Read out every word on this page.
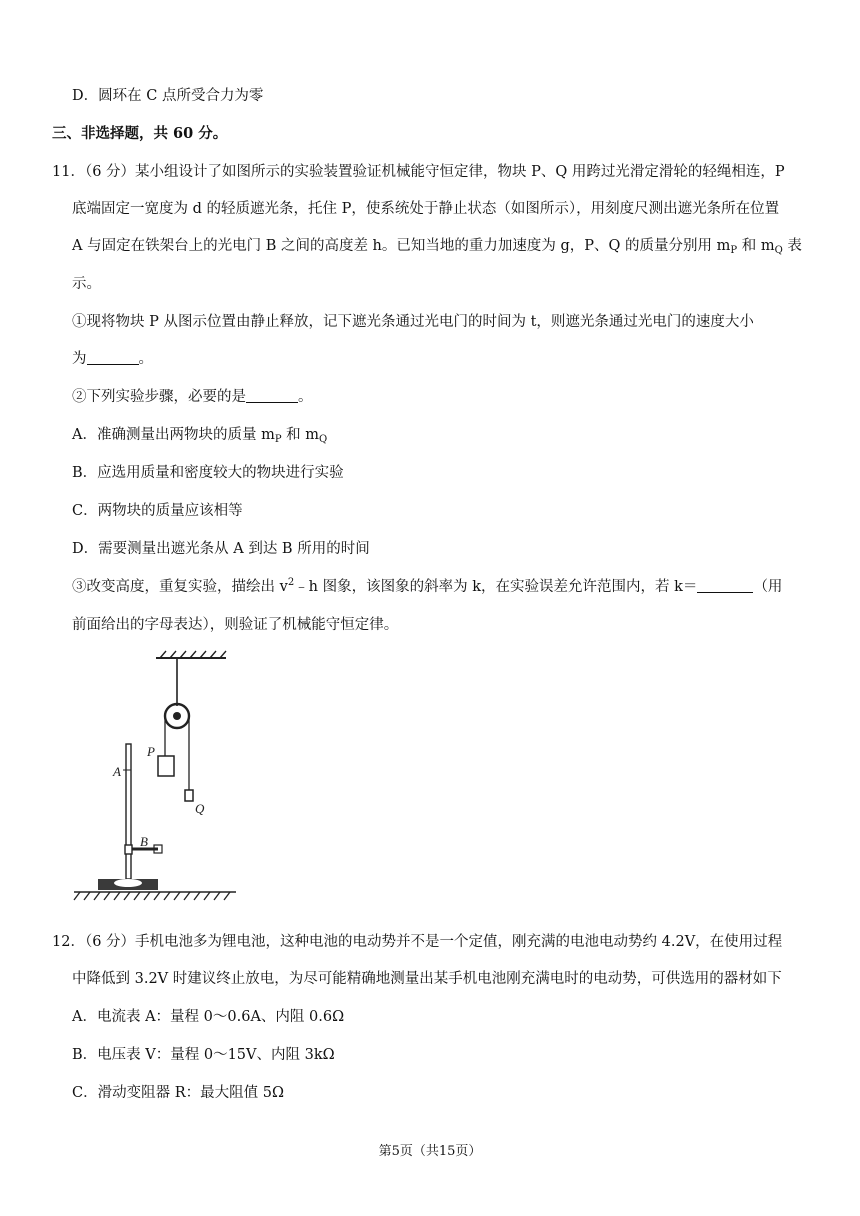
D．圆环在 C 点所受合力为零
三、非选择题，共 60 分。
11．（6 分）某小组设计了如图所示的实验装置验证机械能守恒定律，物块 P、Q 用跨过光滑定滑轮的轻绳相连，P
底端固定一宽度为 d 的轻质遮光条，托住 P，使系统处于静止状态（如图所示），用刻度尺测出遮光条所在位置
A 与固定在铁架台上的光电门 B 之间的高度差 h。已知当地的重力加速度为 g，P、Q 的质量分别用 $m_P$ 和 $m_Q$ 表
示。
①现将物块 P 从图示位置由静止释放，记下遮光条通过光电门的时间为 t，则遮光条通过光电门的速度大小
为	。
②下列实验步骤，必要的是	。
A．准确测量出两物块的质量 $m_P$ 和 $m_Q$
B．应选用质量和密度较大的物块进行实验
C．两物块的质量应该相等
D．需要测量出遮光条从 A 到达 B 所用的时间
③改变高度，重复实验，描绘出 $v^2﹣h$ 图象，该图象的斜率为 k，在实验误差允许范围内，若 k＝	（用
前面给出的字母表达），则验证了机械能守恒定律。
P
A
Q
B
12．（6 分）手机电池多为锂电池，这种电池的电动势并不是一个定值，刚充满的电池电动势约 4.2V，在使用过程
中降低到 3.2V 时建议终止放电，为尽可能精确地测量出某手机电池刚充满电时的电动势，可供选用的器材如下
A．电流表 A：量程 0～0.6A、内阻 0.6Ω
B．电压表 V：量程 0～15V、内阻 3kΩ
C．滑动变阻器 R：最大阻值 5Ω
第5页（共15页）
